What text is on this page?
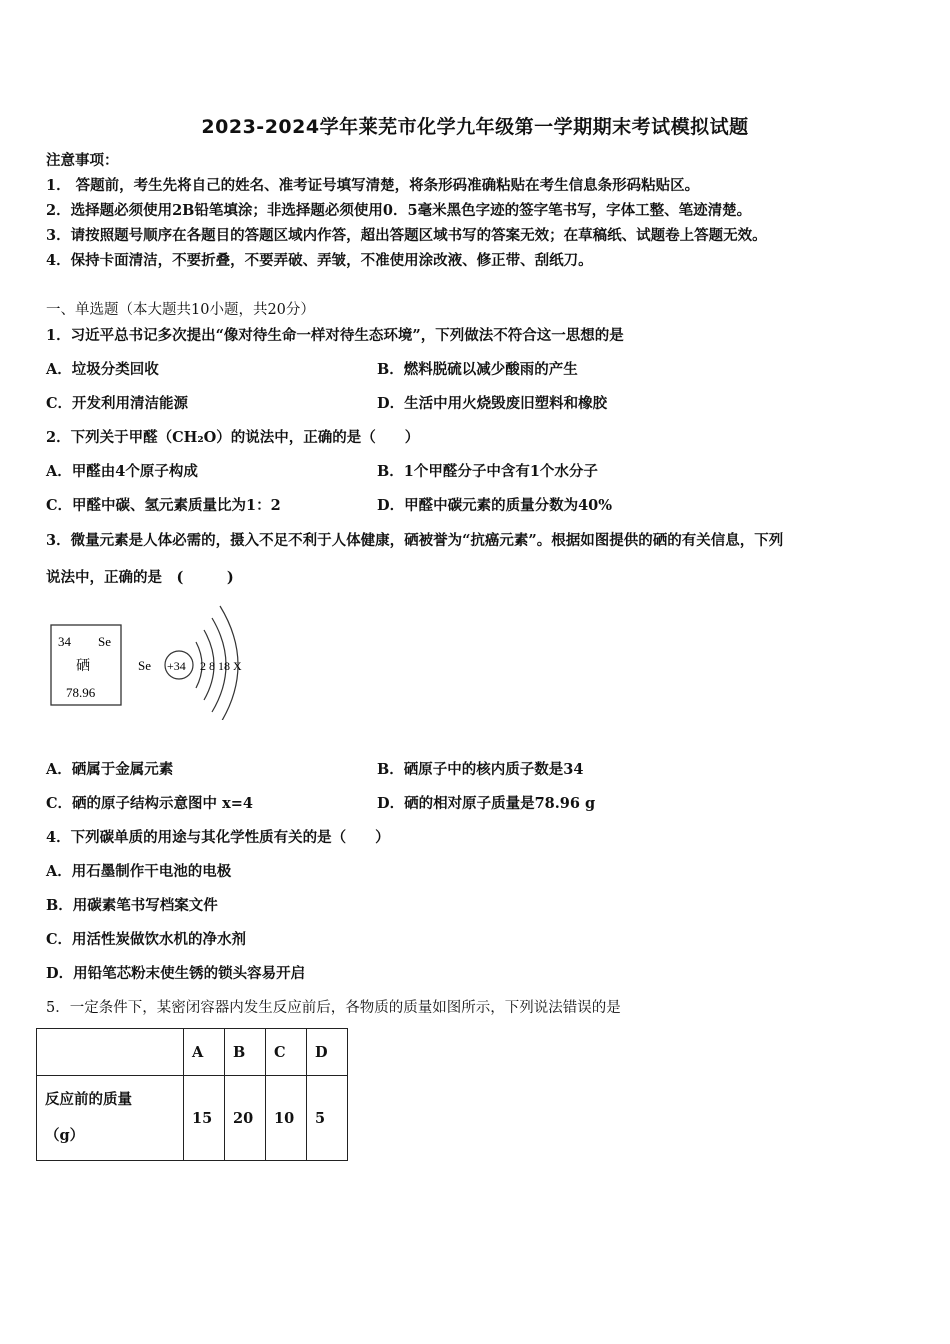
2023-2024学年莱芜市化学九年级第一学期期末考试模拟试题
注意事项：
1． 答题前，考生先将自己的姓名、准考证号填写清楚，将条形码准确粘贴在考生信息条形码粘贴区。
2．选择题必须使用2B铅笔填涂；非选择题必须使用0．5毫米黑色字迹的签字笔书写，字体工整、笔迹清楚。
3．请按照题号顺序在各题目的答题区域内作答，超出答题区域书写的答案无效；在草稿纸、试题卷上答题无效。
4．保持卡面清洁，不要折叠，不要弄破、弄皱，不准使用涂改液、修正带、刮纸刀。
一、单选题（本大题共10小题，共20分）
1．习近平总书记多次提出“像对待生命一样对待生态环境”，下列做法不符合这一思想的是
A．垃圾分类回收	B．燃料脱硫以减少酸雨的产生
C．开发利用清洁能源	D．生活中用火烧毁废旧塑料和橡胶
2．下列关于甲醛（CH₂O）的说法中，正确的是（　　）
A．甲醛由4个原子构成	B．1个甲醛分子中含有1个水分子
C．甲醛中碳、氢元素质量比为1：2	D．甲醛中碳元素的质量分数为40%
3．微量元素是人体必需的，摄入不足不利于人体健康，硒被誉为“抗癌元素”。根据如图提供的硒的有关信息，下列
说法中，正确的是　(　　　)
34 Se
硒
78.96
Se +34 2 8 18 X
A．硒属于金属元素	B．硒原子中的核内质子数是34
C．硒的原子结构示意图中 x=4	D．硒的相对原子质量是78.96 g
4．下列碳单质的用途与其化学性质有关的是（　　）
A．用石墨制作干电池的电极
B．用碳素笔书写档案文件
C．用活性炭做饮水机的净水剂
D．用铅笔芯粉末使生锈的锁头容易开启
5．一定条件下，某密闭容器内发生反应前后，各物质的质量如图所示，下列说法错误的是
	A	B	C	D

反应前的质量
（g）	15	20	10	5
